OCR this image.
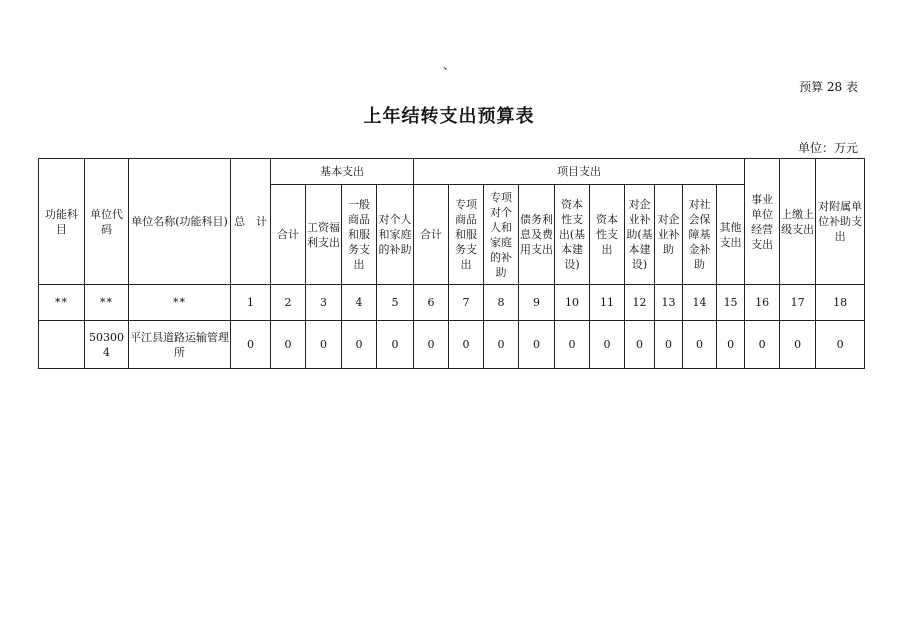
、
预算 28 表
上年结转支出预算表
单位：万元
功能科目	单位代码	单位名称(功能科目)	总　计	基本支出				项目支出										事业单位经营支出	上缴上级支出	对附属单位补助支出
				合计	工资福利支出	一般商品和服务支出	对个人和家庭的补助	合计	专项商品和服务支出	专项对个人和家庭的补助	债务利息及费用支出	资本性支出(基本建设)	资本性支出	对企业补助(基本建设)	对企业补助	对社会保障基金补助	其他支出			
**	**	**	1	2	3	4	5	6	7	8	9	10	11	12	13	14	15	16	17	18
	503004	平江县道路运输管理所	0	0	0	0	0	0	0	0	0	0	0	0	0	0	0	0	0	0
